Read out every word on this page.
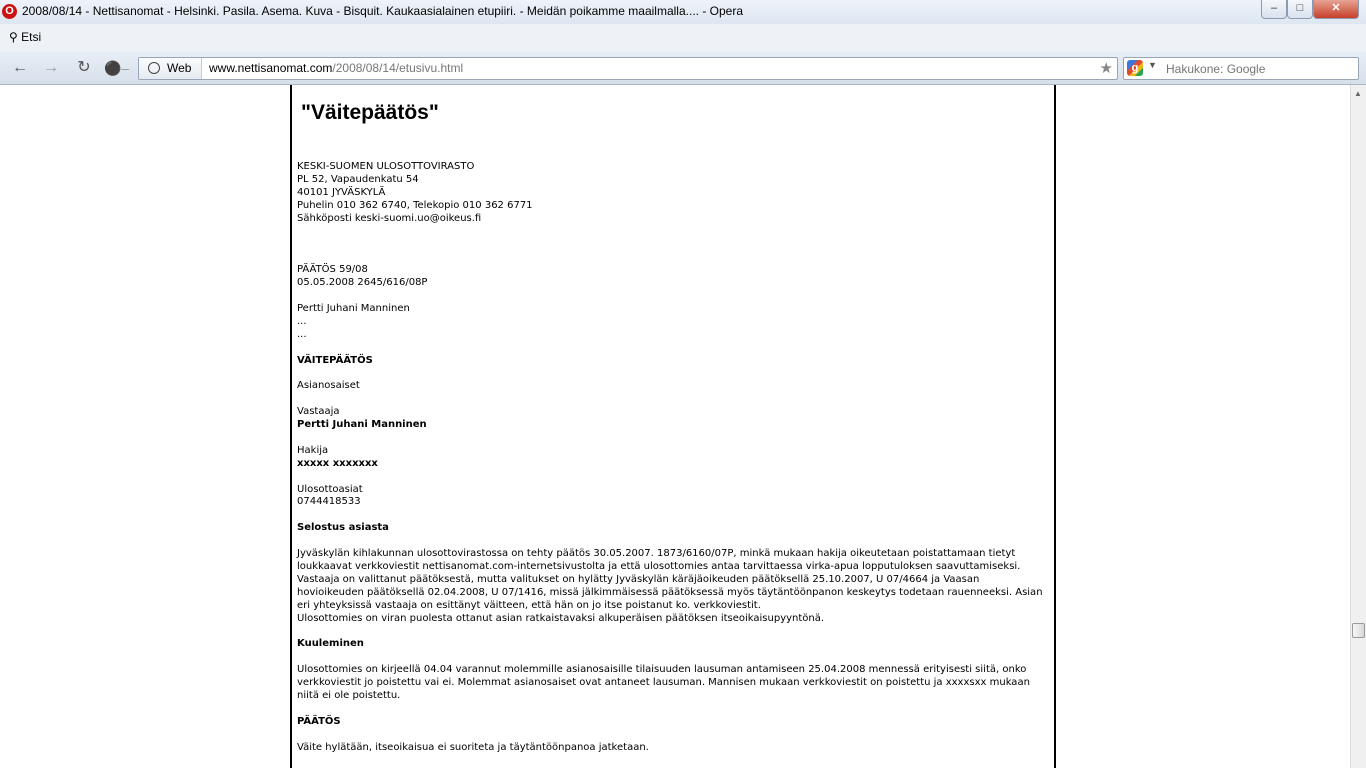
O 2008/08/14 - Nettisanomat - Helsinki. Pasila. Asema. Kuva - Bisquit. Kaukaasialainen etupiiri. - Meidän poikamme maailmalla.... - Opera	–	□	✕
⚲ Etsi
← → ↻ ⚫–	Web www.nettisanomat.com/2008/08/14/etusivu.html	★	g	▼
Hakukone: Google
"Väitepäätös"

KESKI-SUOMEN ULOSOTTOVIRASTO

PL 52, Vapaudenkatu 54

40101 JYVÄSKYLÄ

Puhelin 010 362 6740, Telekopio 010 362 6771

Sähköposti keski-suomi.uo@oikeus.fi

PÄÄTÖS 59/08

05.05.2008 2645/616/08P

Pertti Juhani Manninen

...

...

VÄITEPÄÄTÖS

Asianosaiset

Vastaaja

Pertti Juhani Manninen

Hakija

xxxxx xxxxxxx

Ulosottoasiat

0744418533

Selostus asiasta

Jyväskylän kihlakunnan ulosottovirastossa on tehty päätös 30.05.2007. 1873/6160/07P, minkä mukaan hakija oikeutetaan poistattamaan tietyt loukkaavat verkkoviestit nettisanomat.com-internetsivustolta ja että ulosottomies antaa tarvittaessa virka-apua lopputuloksen saavuttamiseksi. Vastaaja on valittanut päätöksestä, mutta valitukset on hylätty Jyväskylän käräjäoikeuden päätöksellä 25.10.2007, U 07/4664 ja Vaasan hovioikeuden päätöksellä 02.04.2008, U 07/1416, missä jälkimmäisessä päätöksessä myös täytäntöönpanon keskeytys todetaan rauenneeksi. Asian eri yhteyksissä vastaaja on esittänyt väitteen, että hän on jo itse poistanut ko. verkkoviestit.

Ulosottomies on viran puolesta ottanut asian ratkaistavaksi alkuperäisen päätöksen itseoikaisupyyntönä.

Kuuleminen

Ulosottomies on kirjeellä 04.04 varannut molemmille asianosaisille tilaisuuden lausuman antamiseen 25.04.2008 mennessä erityisesti siitä, onko verkkoviestit jo poistettu vai ei. Molemmat asianosaiset ovat antaneet lausuman. Mannisen mukaan verkkoviestit on poistettu ja xxxxsxx mukaan niitä ei ole poistettu.

PÄÄTÖS

Väite hylätään, itseoikaisua ei suoriteta ja täytäntöönpanoa jatketaan.

▲
